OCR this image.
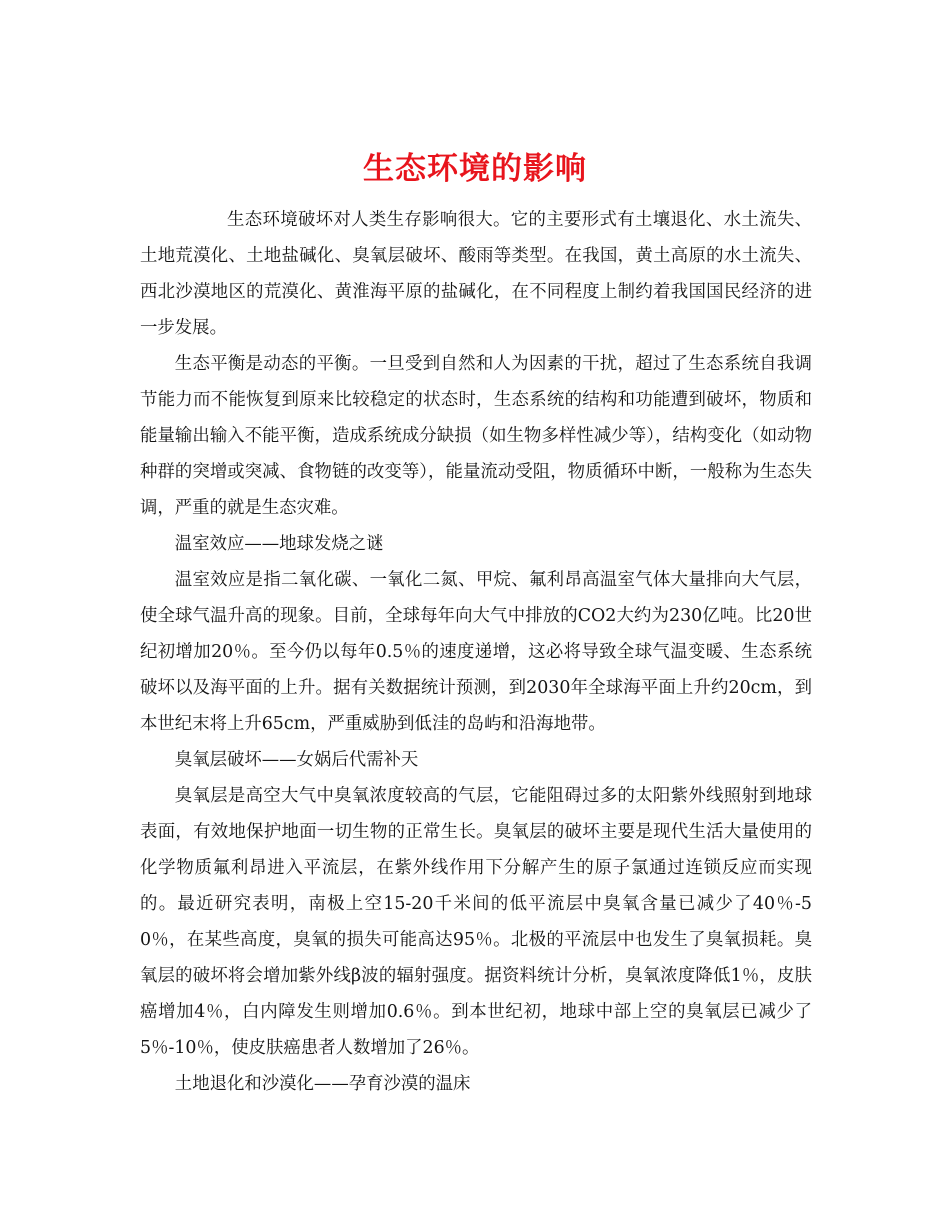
生态环境的影响

生态环境破坏对人类生存影响很大。它的主要形式有土壤退化、水土流失、土地荒漠化、土地盐碱化、臭氧层破坏、酸雨等类型。在我国，黄土高原的水土流失、西北沙漠地区的荒漠化、黄淮海平原的盐碱化，在不同程度上制约着我国国民经济的进一步发展。

生态平衡是动态的平衡。一旦受到自然和人为因素的干扰，超过了生态系统自我调节能力而不能恢复到原来比较稳定的状态时，生态系统的结构和功能遭到破坏，物质和能量输出输入不能平衡，造成系统成分缺损（如生物多样性减少等），结构变化（如动物种群的突增或突减、食物链的改变等），能量流动受阻，物质循环中断，一般称为生态失调，严重的就是生态灾难。

温室效应——地球发烧之谜

温室效应是指二氧化碳、一氧化二氮、甲烷、氟利昂高温室气体大量排向大气层，使全球气温升高的现象。目前，全球每年向大气中排放的CO2大约为230亿吨。比20世纪初增加20％。至今仍以每年0.5％的速度递增，这必将导致全球气温变暖、生态系统破坏以及海平面的上升。据有关数据统计预测，到2030年全球海平面上升约20cm，到本世纪末将上升65cm，严重威胁到低洼的岛屿和沿海地带。

臭氧层破坏——女娲后代需补天

臭氧层是高空大气中臭氧浓度较高的气层，它能阻碍过多的太阳紫外线照射到地球表面，有效地保护地面一切生物的正常生长。臭氧层的破坏主要是现代生活大量使用的化学物质氟利昂进入平流层，在紫外线作用下分解产生的原子氯通过连锁反应而实现的。最近研究表明，南极上空15-20千米间的低平流层中臭氧含量已减少了40％-50％，在某些高度，臭氧的损失可能高达95％。北极的平流层中也发生了臭氧损耗。臭氧层的破坏将会增加紫外线β波的辐射强度。据资料统计分析，臭氧浓度降低1％，皮肤癌增加4％，白内障发生则增加0.6％。到本世纪初，地球中部上空的臭氧层已减少了5％-10％，使皮肤癌患者人数增加了26％。

土地退化和沙漠化——孕育沙漠的温床
